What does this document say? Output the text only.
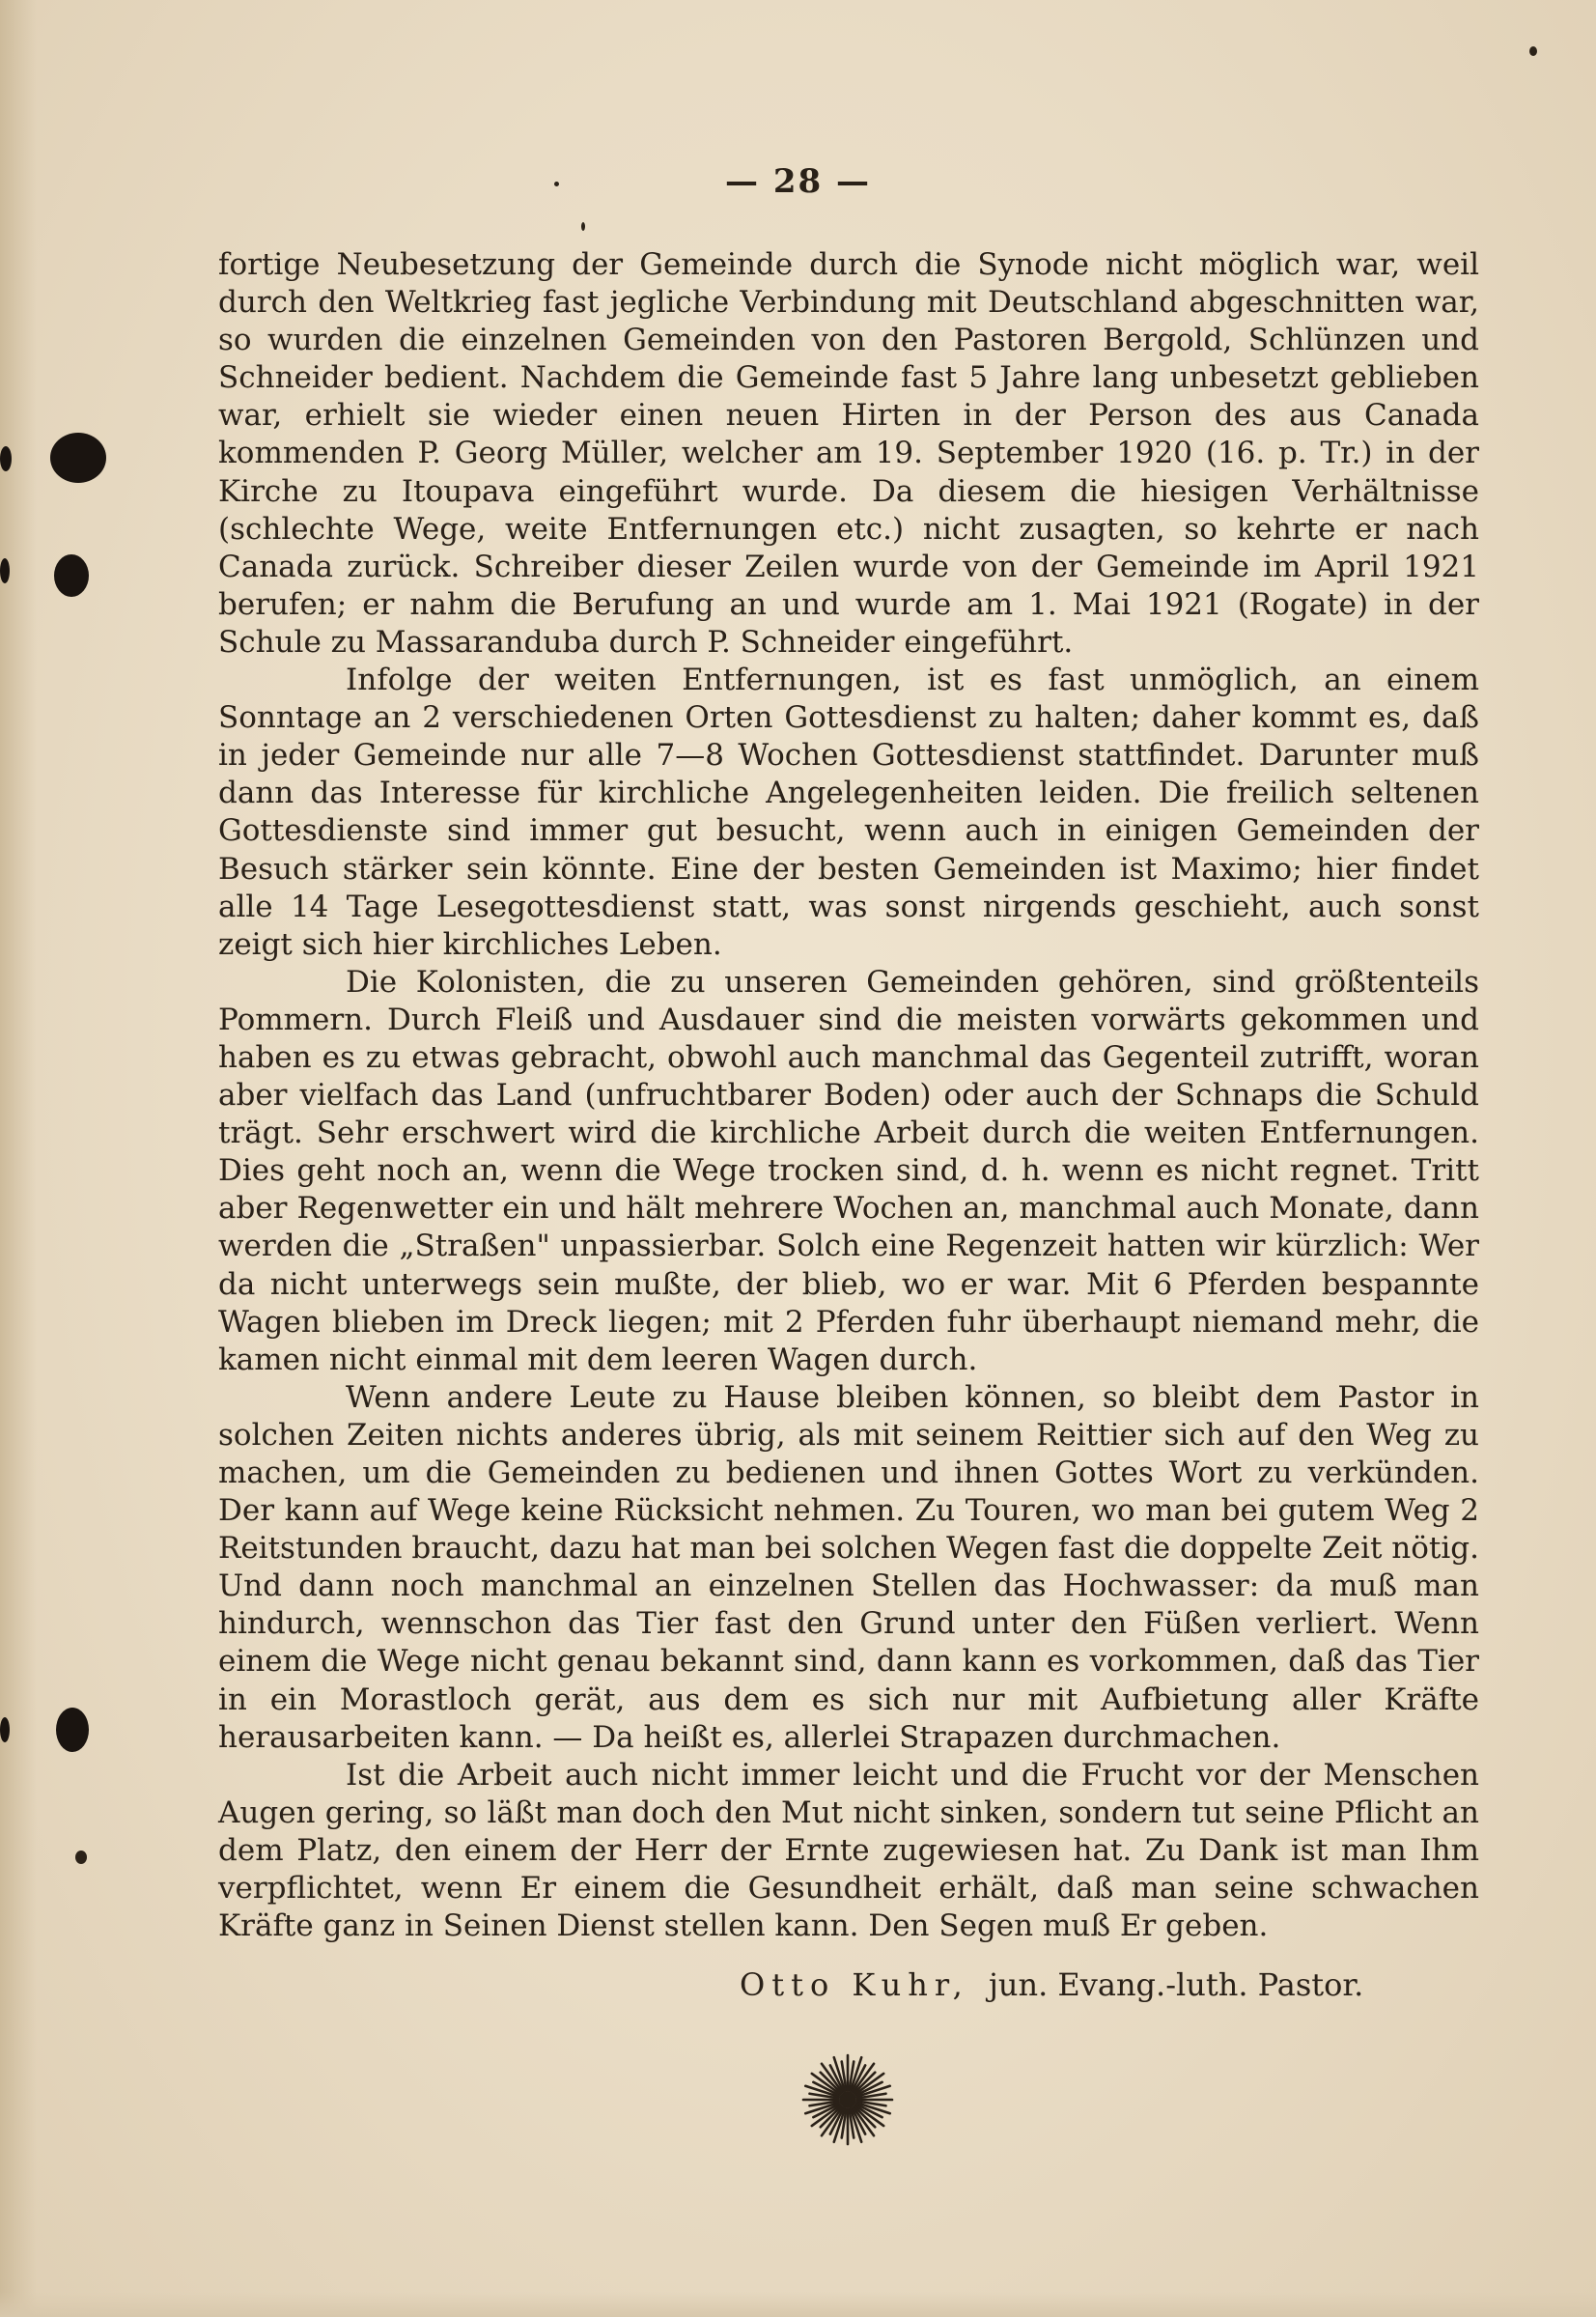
— 28 —

fortige Neubesetzung der Gemeinde durch die Synode nicht möglich war, weil durch den Weltkrieg fast jegliche Verbindung mit Deutschland abgeschnitten war, so wurden die einzelnen Gemeinden von den Pastoren Bergold, Schlünzen und Schneider bedient. Nachdem die Gemeinde fast 5 Jahre lang unbesetzt geblieben war, erhielt sie wieder einen neuen Hirten in der Person des aus Canada kommenden P. Georg Müller, welcher am 19. September 1920 (16. p. Tr.) in der Kirche zu Itoupava eingeführt wurde. Da diesem die hiesigen Verhältnisse (schlechte Wege, weite Entfernungen etc.) nicht zusagten, so kehrte er nach Canada zurück. Schreiber dieser Zeilen wurde von der Gemeinde im April 1921 berufen; er nahm die Berufung an und wurde am 1. Mai 1921 (Rogate) in der Schule zu Massaranduba durch P. Schneider eingeführt.

Infolge der weiten Entfernungen, ist es fast unmöglich, an einem Sonntage an 2 verschiedenen Orten Gottesdienst zu halten; daher kommt es, daß in jeder Gemeinde nur alle 7—8 Wochen Gottesdienst stattfindet. Darunter muß dann das Interesse für kirchliche Angelegenheiten leiden. Die freilich seltenen Gottesdienste sind immer gut besucht, wenn auch in einigen Gemeinden der Besuch stärker sein könnte. Eine der besten Gemeinden ist Maximo; hier findet alle 14 Tage Lesegottesdienst statt, was sonst nirgends geschieht, auch sonst zeigt sich hier kirchliches Leben.

Die Kolonisten, die zu unseren Gemeinden gehören, sind größtenteils Pommern. Durch Fleiß und Ausdauer sind die meisten vorwärts gekommen und haben es zu etwas gebracht, obwohl auch manchmal das Gegenteil zutrifft, woran aber vielfach das Land (unfruchtbarer Boden) oder auch der Schnaps die Schuld trägt. Sehr erschwert wird die kirchliche Arbeit durch die weiten Entfernungen. Dies geht noch an, wenn die Wege trocken sind, d. h. wenn es nicht regnet. Tritt aber Regenwetter ein und hält mehrere Wochen an, manchmal auch Monate, dann werden die „Straßen" unpassierbar. Solch eine Regenzeit hatten wir kürzlich: Wer da nicht unterwegs sein mußte, der blieb, wo er war. Mit 6 Pferden bespannte Wagen blieben im Dreck liegen; mit 2 Pferden fuhr überhaupt niemand mehr, die kamen nicht einmal mit dem leeren Wagen durch.

Wenn andere Leute zu Hause bleiben können, so bleibt dem Pastor in solchen Zeiten nichts anderes übrig, als mit seinem Reittier sich auf den Weg zu machen, um die Gemeinden zu bedienen und ihnen Gottes Wort zu verkünden. Der kann auf Wege keine Rücksicht nehmen. Zu Touren, wo man bei gutem Weg 2 Reitstunden braucht, dazu hat man bei solchen Wegen fast die doppelte Zeit nötig. Und dann noch manchmal an einzelnen Stellen das Hochwasser: da muß man hindurch, wennschon das Tier fast den Grund unter den Füßen verliert. Wenn einem die Wege nicht genau bekannt sind, dann kann es vorkommen, daß das Tier in ein Morastloch gerät, aus dem es sich nur mit Aufbietung aller Kräfte herausarbeiten kann. — Da heißt es, allerlei Strapazen durchmachen.

Ist die Arbeit auch nicht immer leicht und die Frucht vor der Menschen Augen gering, so läßt man doch den Mut nicht sinken, sondern tut seine Pflicht an dem Platz, den einem der Herr der Ernte zugewiesen hat. Zu Dank ist man Ihm verpflichtet, wenn Er einem die Gesundheit erhält, daß man seine schwachen Kräfte ganz in Seinen Dienst stellen kann. Den Segen muß Er geben.

Otto Kuhr, jun. Evang.-luth. Pastor.
